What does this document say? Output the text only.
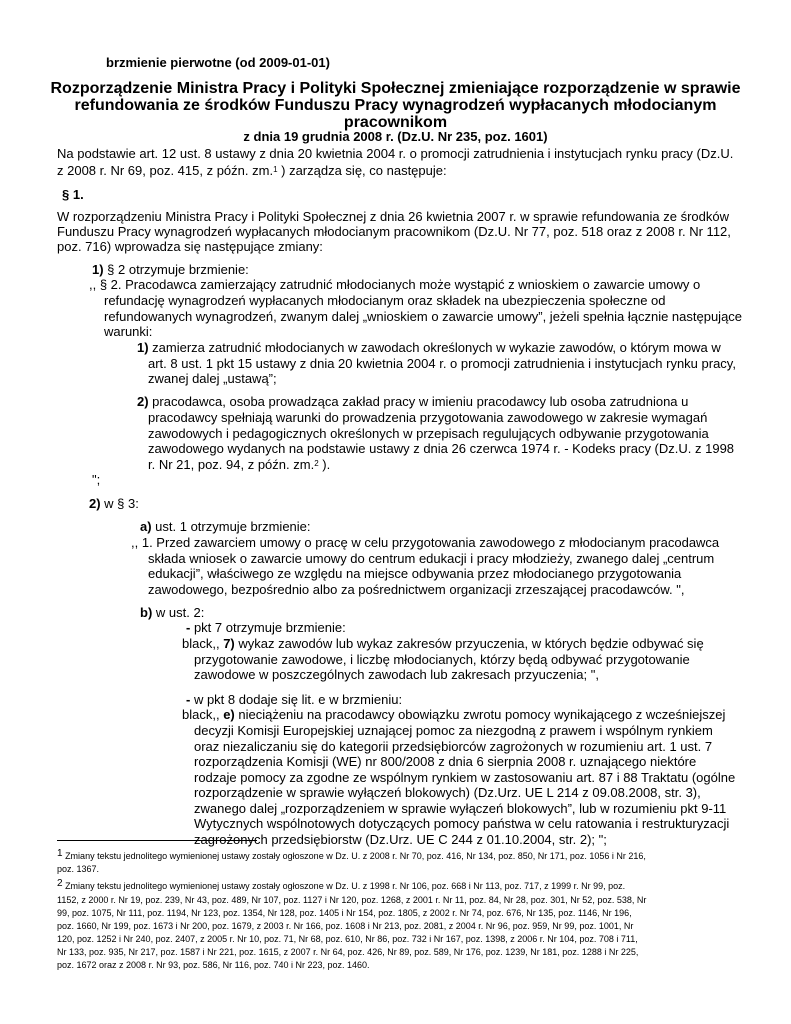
brzmienie pierwotne (od 2009-01-01)
Rozporządzenie Ministra Pracy i Polityki Społecznej zmieniające rozporządzenie w sprawie
refundowania ze środków Funduszu Pracy wynagrodzeń wypłacanych młodocianym
pracownikom
z dnia 19 grudnia 2008 r. (Dz.U. Nr 235, poz. 1601)
Na podstawie art. 12 ust. 8 ustawy z dnia 20 kwietnia 2004 r. o promocji zatrudnienia i instytucjach rynku pracy (Dz.U.
z 2008 r. Nr 69, poz. 415, z późn. zm.$^1$ ) zarządza się, co następuje:
§ 1.
W rozporządzeniu Ministra Pracy i Polityki Społecznej z dnia 26 kwietnia 2007 r. w sprawie refundowania ze środków
Funduszu Pracy wynagrodzeń wypłacanych młodocianym pracownikom (Dz.U. Nr 77, poz. 518 oraz z 2008 r. Nr 112,
poz. 716) wprowadza się następujące zmiany:
1) § 2 otrzymuje brzmienie:
,, § 2. Pracodawca zamierzający zatrudnić młodocianych może wystąpić z wnioskiem o zawarcie umowy o
refundację wynagrodzeń wypłacanych młodocianym oraz składek na ubezpieczenia społeczne od
refundowanych wynagrodzeń, zwanym dalej „wnioskiem o zawarcie umowy”, jeżeli spełnia łącznie następujące
warunki:
1) zamierza zatrudnić młodocianych w zawodach określonych w wykazie zawodów, o którym mowa w
art. 8 ust. 1 pkt 15 ustawy z dnia 20 kwietnia 2004 r. o promocji zatrudnienia i instytucjach rynku pracy,
zwanej dalej „ustawą”;
2) pracodawca, osoba prowadząca zakład pracy w imieniu pracodawcy lub osoba zatrudniona u
pracodawcy spełniają warunki do prowadzenia przygotowania zawodowego w zakresie wymagań
zawodowych i pedagogicznych określonych w przepisach regulujących odbywanie przygotowania
zawodowego wydanych na podstawie ustawy z dnia 26 czerwca 1974 r. - Kodeks pracy (Dz.U. z 1998
r. Nr 21, poz. 94, z późn. zm.$^2$ ).
";
2) w § 3:
a) ust. 1 otrzymuje brzmienie:
,, 1. Przed zawarciem umowy o pracę w celu przygotowania zawodowego z młodocianym pracodawca
składa wniosek o zawarcie umowy do centrum edukacji i pracy młodzieży, zwanego dalej „centrum
edukacji”, właściwego ze względu na miejsce odbywania przez młodocianego przygotowania
zawodowego, bezpośrednio albo za pośrednictwem organizacji zrzeszającej pracodawców. ",
b) w ust. 2:
- pkt 7 otrzymuje brzmienie:
black,, 7) wykaz zawodów lub wykaz zakresów przyuczenia, w których będzie odbywać się
przygotowanie zawodowe, i liczbę młodocianych, którzy będą odbywać przygotowanie
zawodowe w poszczególnych zawodach lub zakresach przyuczenia; ",
- w pkt 8 dodaje się lit. e w brzmieniu:
black,, e) nieciążeniu na pracodawcy obowiązku zwrotu pomocy wynikającego z wcześniejszej
decyzji Komisji Europejskiej uznającej pomoc za niezgodną z prawem i wspólnym rynkiem
oraz niezaliczaniu się do kategorii przedsiębiorców zagrożonych w rozumieniu art. 1 ust. 7
rozporządzenia Komisji (WE) nr 800/2008 z dnia 6 sierpnia 2008 r. uznającego niektóre
rodzaje pomocy za zgodne ze wspólnym rynkiem w zastosowaniu art. 87 i 88 Traktatu (ogólne
rozporządzenie w sprawie wyłączeń blokowych) (Dz.Urz. UE L 214 z 09.08.2008, str. 3),
zwanego dalej „rozporządzeniem w sprawie wyłączeń blokowych”, lub w rozumieniu pkt 9-11
Wytycznych wspólnotowych dotyczących pomocy państwa w celu ratowania i restrukturyzacji
zagrożonych przedsiębiorstw (Dz.Urz. UE C 244 z 01.10.2004, str. 2); ";
$^1$ Zmiany tekstu jednolitego wymienionej ustawy zostały ogłoszone w Dz. U. z 2008 r. Nr 70, poz. 416, Nr 134, poz. 850, Nr 171, poz. 1056 i Nr 216,
poz. 1367.
$^2$ Zmiany tekstu jednolitego wymienionej ustawy zostały ogłoszone w Dz. U. z 1998 r. Nr 106, poz. 668 i Nr 113, poz. 717, z 1999 r. Nr 99, poz.
1152, z 2000 r. Nr 19, poz. 239, Nr 43, poz. 489, Nr 107, poz. 1127 i Nr 120, poz. 1268, z 2001 r. Nr 11, poz. 84, Nr 28, poz. 301, Nr 52, poz. 538, Nr
99, poz. 1075, Nr 111, poz. 1194, Nr 123, poz. 1354, Nr 128, poz. 1405 i Nr 154, poz. 1805, z 2002 r. Nr 74, poz. 676, Nr 135, poz. 1146, Nr 196,
poz. 1660, Nr 199, poz. 1673 i Nr 200, poz. 1679, z 2003 r. Nr 166, poz. 1608 i Nr 213, poz. 2081, z 2004 r. Nr 96, poz. 959, Nr 99, poz. 1001, Nr
120, poz. 1252 i Nr 240, poz. 2407, z 2005 r. Nr 10, poz. 71, Nr 68, poz. 610, Nr 86, poz. 732 i Nr 167, poz. 1398, z 2006 r. Nr 104, poz. 708 i 711,
Nr 133, poz. 935, Nr 217, poz. 1587 i Nr 221, poz. 1615, z 2007 r. Nr 64, poz. 426, Nr 89, poz. 589, Nr 176, poz. 1239, Nr 181, poz. 1288 i Nr 225,
poz. 1672 oraz z 2008 r. Nr 93, poz. 586, Nr 116, poz. 740 i Nr 223, poz. 1460.
